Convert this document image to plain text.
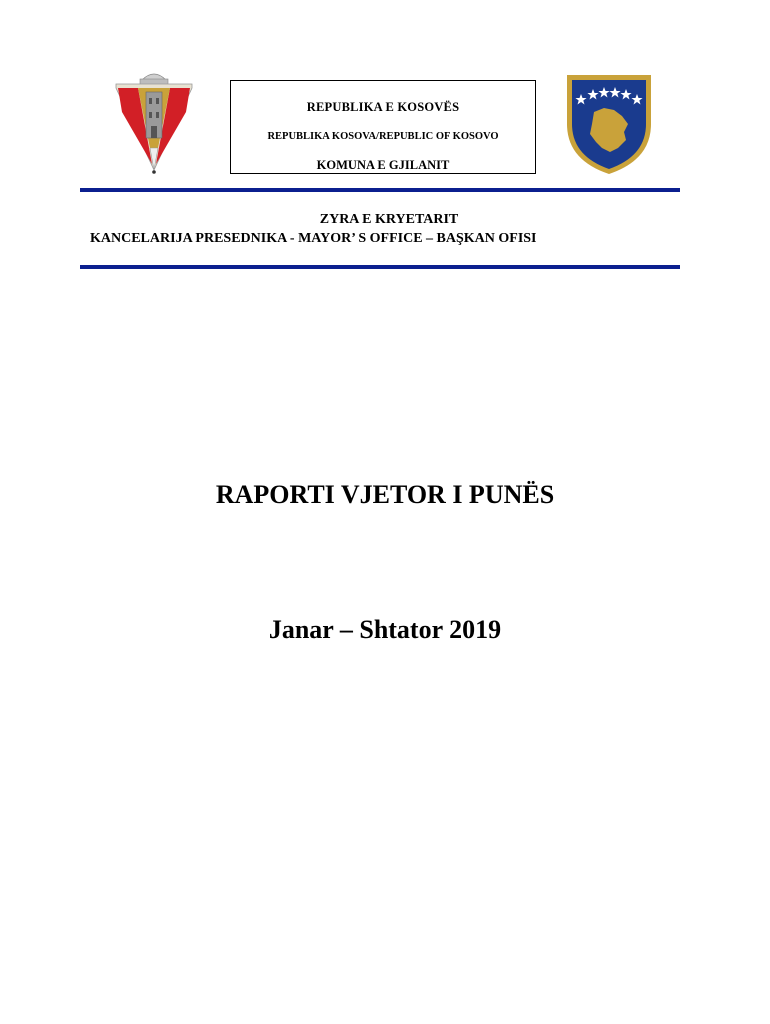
REPUBLIKA E KOSOVËS
REPUBLIKA KOSOVA/REPUBLIC OF KOSOVO
KOMUNA E GJILANIT
ZYRA E KRYETARIT
KANCELARIJA PRESEDNIKA - MAYOR’ S OFFICE – BAŞKAN OFISI
RAPORTI VJETOR I PUNËS
Janar – Shtator 2019
